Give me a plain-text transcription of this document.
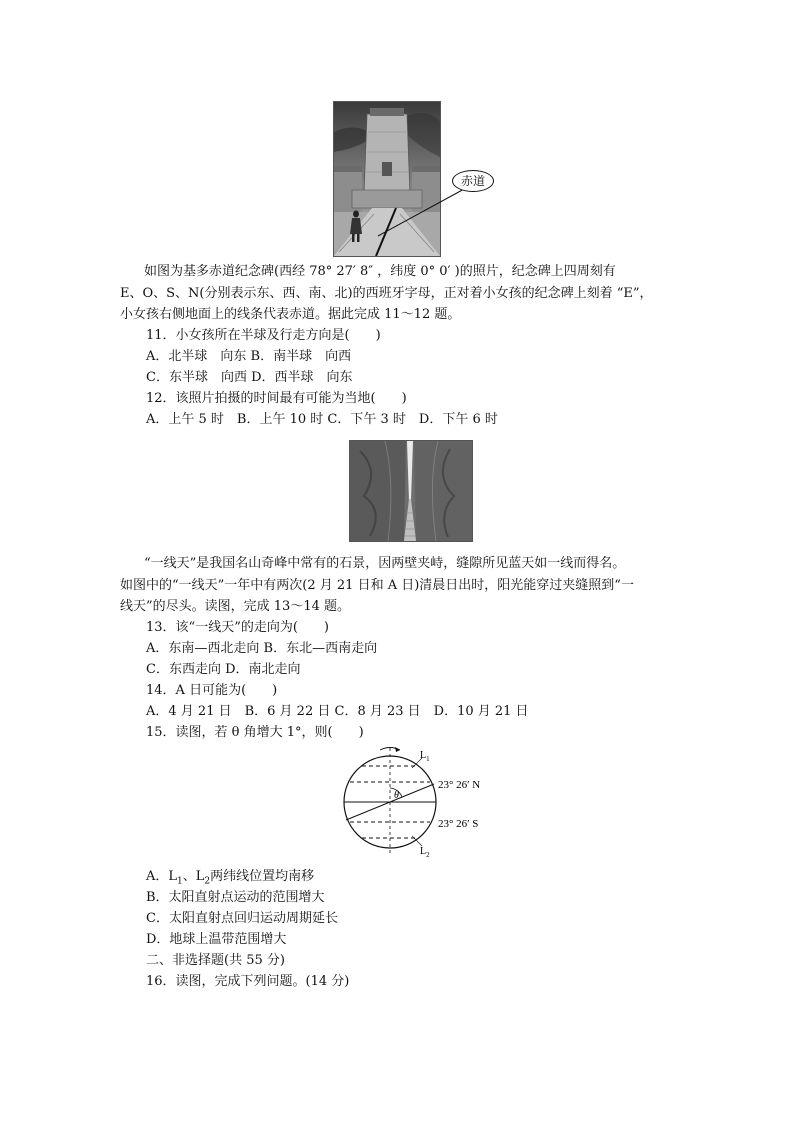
赤道
如图为基多赤道纪念碑(西经 78° 27′ 8″ ，纬度 0° 0′ )的照片，纪念碑上四周刻有
E、O、S、N(分别表示东、西、南、北)的西班牙字母，正对着小女孩的纪念碑上刻着 “E”，
小女孩右侧地面上的线条代表赤道。据此完成 11～12 题。
11．小女孩所在半球及行走方向是(　　)
A．北半球　向东 B．南半球　向西
C．东半球　向西 D．西半球　向东
12．该照片拍摄的时间最有可能为当地(　　)
A．上午 5 时　B．上午 10 时 C．下午 3 时　D．下午 6 时
“一线天”是我国名山奇峰中常有的石景，因两壁夹峙，缝隙所见蓝天如一线而得名。
如图中的“一线天”一年中有两次(2 月 21 日和 A 日)清晨日出时，阳光能穿过夹缝照到“一
线天”的尽头。读图，完成 13～14 题。
13．该“一线天”的走向为(　　)
A．东南—西北走向 B．东北—西南走向
C．东西走向 D．南北走向
14．A 日可能为(　　)
A．4 月 21 日　B．6 月 22 日 C．8 月 23 日　D．10 月 21 日
15．读图，若 θ 角增大 1°，则(　　)
θ
$L_1$
$L_2$
23° 26′ N
23° 26′ S
A．$L_1$、$L_2$两纬线位置均南移
B．太阳直射点运动的范围增大
C．太阳直射点回归运动周期延长
D．地球上温带范围增大
二、非选择题(共 55 分)
16．读图，完成下列问题。(14 分)
